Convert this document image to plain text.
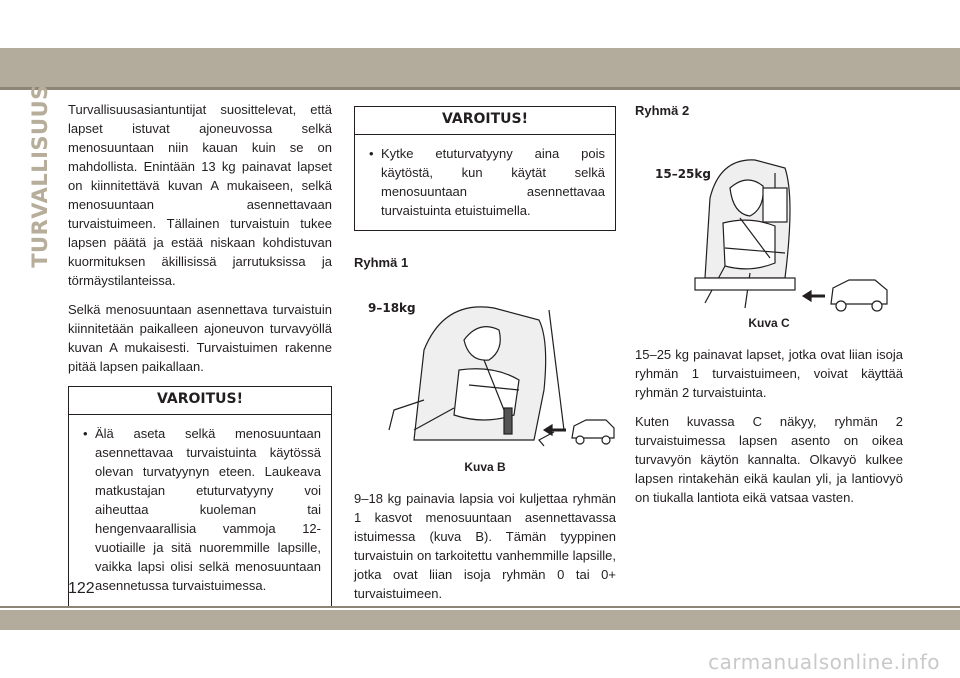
TURVALLISUUS Turvallisuusasiantuntijat suosittelevat, että lapset istuvat ajoneuvossa selkä menosuuntaan niin kauan kuin se on mahdollista. Enintään 13 kg painavat lapset on kiinnitettävä kuvan A mukaiseen, selkä menosuuntaan asennettavaan turvaistuimeen. Tällainen turvaistuin tukee lapsen päätä ja estää niskaan kohdistuvan kuormituksen äkillisissä jarrutuksissa ja törmäystilanteissa.

Selkä menosuuntaan asennettava turvaistuin kiinnitetään paikalleen ajoneuvon turvavyöllä kuvan A mukaisesti. Turvaistuimen rakenne pitää lapsen paikallaan.

VAROITUS!
• Älä aseta selkä menosuuntaan asennettavaa turvaistuinta käytössä olevan turvatyynyn eteen. Laukeava matkustajan etuturvatyyny voi aiheuttaa kuoleman tai hengenvaarallisia vammoja 12-vuotiaille ja sitä nuoremmille lapsille, vaikka lapsi olisi selkä menosuuntaan asennetussa turvaistuimessa.
VAROITUS!
• Kytke etuturvatyyny aina pois käytöstä, kun käytät selkä menosuuntaan asennettavaa turvaistuinta etuistuimella.
Ryhmä 1
9–18kg
Kuva B

9–18 kg painavia lapsia voi kuljettaa ryhmän 1 kasvot menosuuntaan asennettavassa istuimessa (kuva B). Tämän tyyppinen turvaistuin on tarkoitettu vanhemmille lapsille, jotka ovat liian isoja ryhmän 0 tai 0+ turvaistuimeen.

Ryhmä 2
15–25kg
Kuva C

15–25 kg painavat lapset, jotka ovat liian isoja ryhmän 1 turvaistuimeen, voivat käyttää ryhmän 2 turvaistuinta.

Kuten kuvassa C näkyy, ryhmän 2 turvaistuimessa lapsen asento on oikea turvavyön käytön kannalta. Olkavyö kulkee lapsen rintakehän eikä kaulan yli, ja lantiovyö on tiukalla lantiota eikä vatsaa vasten.

122
carmanualsonline.info
